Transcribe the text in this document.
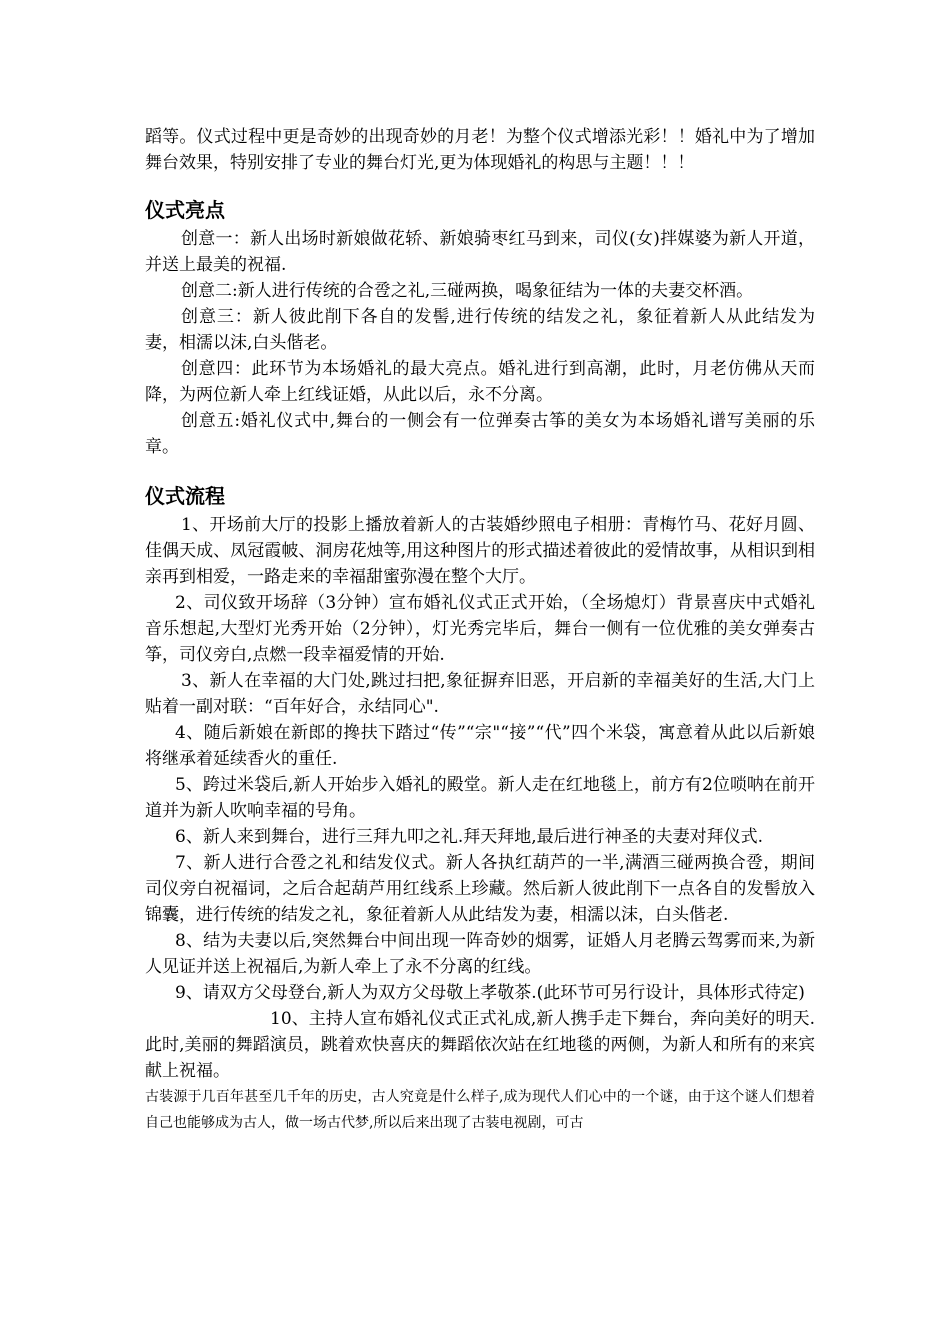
蹈等。仪式过程中更是奇妙的出现奇妙的月老！为整个仪式增添光彩！！婚礼中为了增加舞台效果，特别安排了专业的舞台灯光,更为体现婚礼的构思与主题！！！

仪式亮点

创意一：新人出场时新娘做花轿、新娘骑枣红马到来，司仪(女)拌媒婆为新人开道，并送上最美的祝福.

创意二:新人进行传统的合卺之礼,三碰两换，喝象征结为一体的夫妻交杯酒。

创意三：新人彼此削下各自的发髻,进行传统的结发之礼，象征着新人从此结发为妻，相濡以沫,白头偕老。

创意四：此环节为本场婚礼的最大亮点。婚礼进行到高潮，此时，月老仿佛从天而降，为两位新人牵上红线证婚，从此以后，永不分离。

创意五:婚礼仪式中,舞台的一侧会有一位弹奏古筝的美女为本场婚礼谱写美丽的乐章。

仪式流程

1、开场前大厅的投影上播放着新人的古装婚纱照电子相册：青梅竹马、花好月圆、佳偶天成、凤冠霞帔、洞房花烛等,用这种图片的形式描述着彼此的爱情故事，从相识到相亲再到相爱，一路走来的幸福甜蜜弥漫在整个大厅。

2、司仪致开场辞（3分钟）宣布婚礼仪式正式开始，（全场熄灯）背景喜庆中式婚礼音乐想起,大型灯光秀开始（2分钟），灯光秀完毕后，舞台一侧有一位优雅的美女弹奏古筝，司仪旁白,点燃一段幸福爱情的开始.

3、新人在幸福的大门处,跳过扫把,象征摒弃旧恶，开启新的幸福美好的生活,大门上贴着一副对联：“百年好合，永结同心".

4、随后新娘在新郎的搀扶下踏过“传”“宗"“接”“代”四个米袋，寓意着从此以后新娘将继承着延续香火的重任.

5、跨过米袋后,新人开始步入婚礼的殿堂。新人走在红地毯上，前方有2位唢呐在前开道并为新人吹响幸福的号角。

6、新人来到舞台，进行三拜九叩之礼.拜天拜地,最后进行神圣的夫妻对拜仪式.

7、新人进行合卺之礼和结发仪式。新人各执红葫芦的一半,满酒三碰两换合卺，期间司仪旁白祝福词，之后合起葫芦用红线系上珍藏。然后新人彼此削下一点各自的发髻放入锦囊，进行传统的结发之礼，象征着新人从此结发为妻，相濡以沫，白头偕老.

8、结为夫妻以后,突然舞台中间出现一阵奇妙的烟雾，证婚人月老腾云驾雾而来,为新人见证并送上祝福后,为新人牵上了永不分离的红线。

9、请双方父母登台,新人为双方父母敬上孝敬茶.(此环节可另行设计，具体形式待定)

10、主持人宣布婚礼仪式正式礼成,新人携手走下舞台，奔向美好的明天.此时,美丽的舞蹈演员，跳着欢快喜庆的舞蹈依次站在红地毯的两侧，为新人和所有的来宾献上祝福。

古装源于几百年甚至几千年的历史，古人究竟是什么样子,成为现代人们心中的一个谜，由于这个谜人们想着自己也能够成为古人，做一场古代梦,所以后来出现了古装电视剧，可古
